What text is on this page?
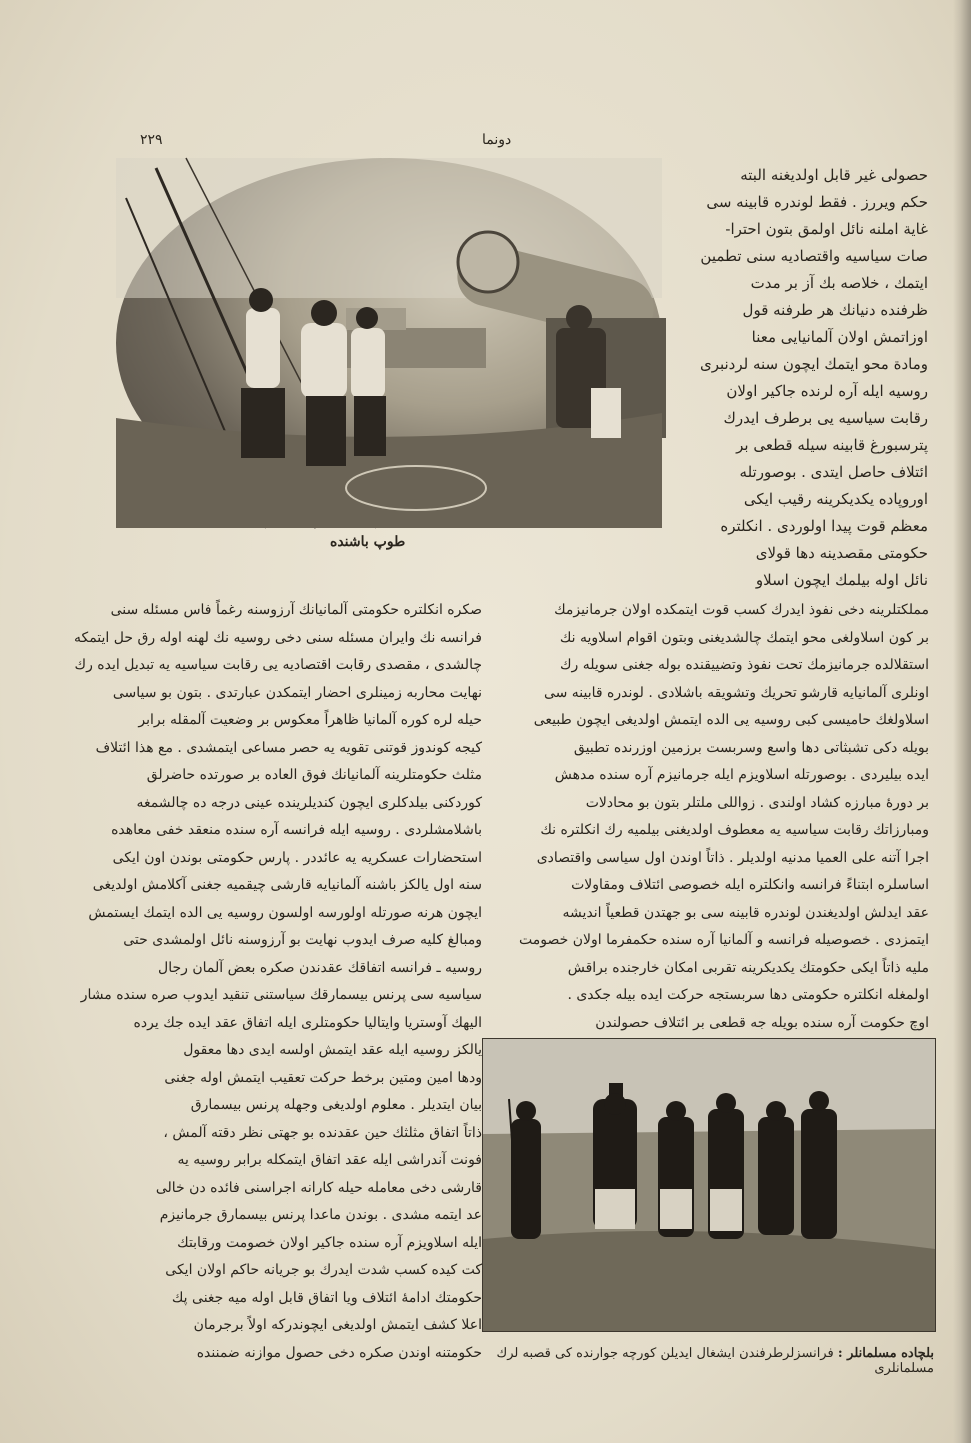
٢٢٩	دونما
طوپ باشنده
حصولی غیر قابل اولدیغنه البته
حکم ویررز . فقط لوندره قابینه سی
غایة املنه نائل اولمق بتون احترا-
صات سیاسیه واقتصادیه سنی تطمین
ایتمك ، خلاصه بك آز بر مدت
ظرفنده دنیانك هر طرفنه قول
اوزاتمش اولان آلمانیایی معنا
ومادة محو ایتمك ایچون سنه لردنبری
روسیه ایله آره لرنده جاکیر اولان
رقابت سیاسیه یی برطرف ایدرك
پترسبورغ قابینه سیله قطعی بر
ائتلاف حاصل ایتدی . بوصورتله
اوروپاده یکدیکرینه رقیب ایکی
معظم قوت پیدا اولوردی . انکلتره
حکومتی مقصدینه دها قولای
نائل اوله بیلمك ایچون اسلاو
مملکتلرینه دخی نفوذ ایدرك کسب قوت ایتمکده اولان جرمانیزمك
بر کون اسلاولغی محو ایتمك چالشدیغنی وبتون اقوام اسلاویه نك
استقلالده جرمانیزمك تحت نفوذ وتضییقنده بوله جغنی سویله رك
اونلری آلمانیایه قارشو تحریك وتشویقه باشلادی . لوندره قابینه سی
اسلاولغك حامیسی کبی روسیه یی الده ایتمش اولدیغی ایچون طبیعی
بویله دکی تشبثاتی دها واسع وسربست برزمین اوزرنده تطبیق
ایده بیلیردی . بوصورتله اسلاویزم ایله جرمانیزم آره سنده مدهش
بر دورهٔ مبارزه کشاد اولندی . زواللی ملتلر بتون بو محادلات
ومبارزاتك رقابت سیاسیه یه معطوف اولدیغنی بیلمیه رك انکلتره نك
اجرا آتنه علی العمیا مدنیه اولدیلر . ذاتاً اوندن اول سیاسی واقتصادی
اساسلره ابتناءً فرانسه وانکلتره ایله خصوصی ائتلاف ومقاولات
عقد ایدلش اولدیغندن لوندره قابینه سی بو جهتدن قطعیاً اندیشه
ایتمزدی . خصوصیله فرانسه و آلمانیا آره سنده حکمفرما اولان خصومت
ملیه ذاتاً ایکی حکومتك یکدیکرینه تقربی امکان خارجنده براقش
اولمغله انکلتره حکومتی دها سربستجه حرکت ایده بیله جکدی .
اوچ حکومت آره سنده بویله جه قطعی بر ائتلاف حصولندن
صکره انکلتره حکومتی آلمانیانك آرزوسنه رغماً فاس مسئله سنی
فرانسه نك وایران مسئله سنی دخی روسیه نك لهنه اوله رق حل ایتمکه
چالشدی ، مقصدی رقابت اقتصادیه یی رقابت سیاسیه یه تبدیل ایده رك
نهایت محاربه زمینلری احضار ایتمکدن عبارتدی . بتون بو سیاسی
حیله لره کوره آلمانیا ظاهراً معکوس بر وضعیت آلمقله برابر
کیجه کوندوز قوتنی تقویه یه حصر مساعی ایتمشدی . مع هذا ائتلاف
مثلث حکومتلرینه آلمانیانك فوق العاده بر صورتده حاضرلق
کوردکنی بیلدکلری ایچون کندیلرینده عینی درجه ده چالشمغه
باشلامشلردی . روسیه ایله فرانسه آره سنده منعقد خفی معاهده
استحضارات عسکریه یه عائددر . پارس حکومتی بوندن اون ایکی
سنه اول یالکز باشنه آلمانیایه قارشی چیقمیه جغنی آکلامش اولدیغی
ایچون هرنه صورتله اولورسه اولسون روسیه یی الده ایتمك ایستمش
ومبالغ کلیه صرف ایدوب نهایت بو آرزوسنه نائل اولمشدی حتی
روسیه ـ فرانسه اتفاقك عقدندن صکره بعض آلمان رجال
سیاسیه سی پرنس بیسمارقك سیاستنی تنقید ایدوب صره سنده مشار
الیهك آوستریا وایتالیا حکومتلری ایله اتفاق عقد ایده جك یرده
یالکز روسیه ایله عقد ایتمش اولسه ایدی دها معقول
ودها امین ومتین برخط حرکت تعقیب ایتمش اوله جغنی
بیان ایتدیلر . معلوم اولدیغی وجهله پرنس بیسمارق
ذاتاً اتفاق مثلثك حین عقدنده بو جهتی نظر دقته آلمش ،
فونت آندراشی ایله عقد اتفاق ایتمکله برابر روسیه یه
قارشی دخی معامله حیله کارانه اجراسنی فائده دن خالی
عد ایتمه مشدی . بوندن ماعدا پرنس بیسمارق جرمانیزم
ایله اسلاویزم آره سنده جاکیر اولان خصومت ورقابتك
کت کیده کسب شدت ایدرك بو جریانه حاکم اولان ایکی
حکومتك ادامهٔ ائتلاف ویا اتفاق قابل اوله میه جغنی پك
اعلا کشف ایتمش اولدیغی ایچوندرکه اولاً برجرمان
حکومتنه اوندن صکره دخی حصول موازنه ضمننده	بلچاده مسلمانلر : فرانسزلرطرفندن ایشغال ایدیلن کورچه جوارنده کی قصبه لرك مسلمانلری
